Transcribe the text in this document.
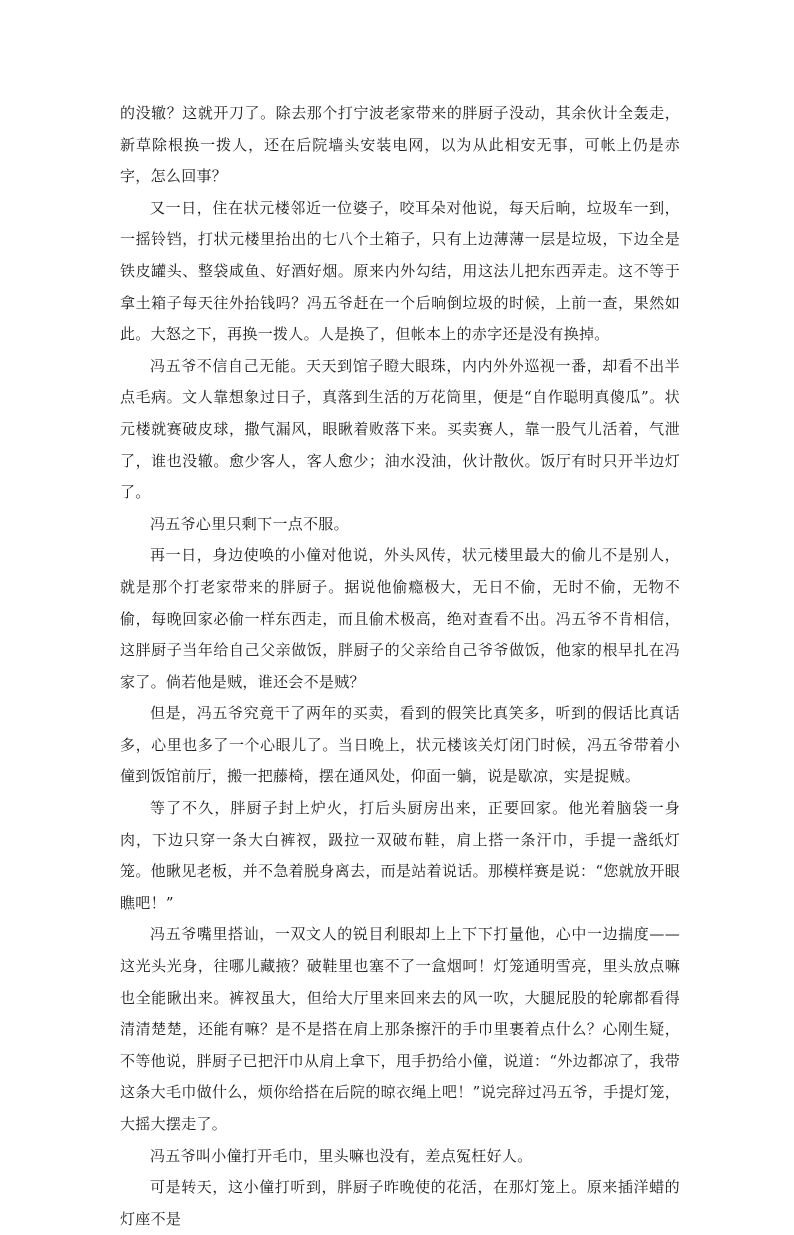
的没辙？这就开刀了。除去那个打宁波老家带来的胖厨子没动，其余伙计全轰走，新草除根换一拨人，还在后院墙头安装电网，以为从此相安无事，可帐上仍是赤字，怎么回事？

又一日，住在状元楼邻近一位婆子，咬耳朵对他说，每天后晌，垃圾车一到，一摇铃铛，打状元楼里抬出的七八个土箱子，只有上边薄薄一层是垃圾，下边全是铁皮罐头、整袋咸鱼、好酒好烟。原来内外勾结，用这法儿把东西弄走。这不等于拿土箱子每天往外抬钱吗？冯五爷赶在一个后晌倒垃圾的时候，上前一查，果然如此。大怒之下，再换一拨人。人是换了，但帐本上的赤字还是没有换掉。

冯五爷不信自己无能。天天到馆子瞪大眼珠，内内外外巡视一番，却看不出半点毛病。文人靠想象过日子，真落到生活的万花筒里，便是“自作聪明真傻瓜”。状元楼就赛破皮球，撒气漏风，眼瞅着败落下来。买卖赛人，靠一股气儿活着，气泄了，谁也没辙。愈少客人，客人愈少；油水没油，伙计散伙。饭厅有时只开半边灯了。

冯五爷心里只剩下一点不服。

再一日，身边使唤的小僮对他说，外头风传，状元楼里最大的偷儿不是别人，就是那个打老家带来的胖厨子。据说他偷瘾极大，无日不偷，无时不偷，无物不偷，每晚回家必偷一样东西走，而且偷术极高，绝对查看不出。冯五爷不肯相信，这胖厨子当年给自己父亲做饭，胖厨子的父亲给自己爷爷做饭，他家的根早扎在冯家了。倘若他是贼，谁还会不是贼？

但是，冯五爷究竟干了两年的买卖，看到的假笑比真笑多，听到的假话比真话多，心里也多了一个心眼儿了。当日晚上，状元楼该关灯闭门时候，冯五爷带着小僮到饭馆前厅，搬一把藤椅，摆在通风处，仰面一躺，说是歇凉，实是捉贼。

等了不久，胖厨子封上炉火，打后头厨房出来，正要回家。他光着脑袋一身肉，下边只穿一条大白裤衩，趿拉一双破布鞋，肩上搭一条汗巾，手提一盏纸灯笼。他瞅见老板，并不急着脱身离去，而是站着说话。那模样赛是说：“您就放开眼瞧吧！”

冯五爷嘴里搭讪，一双文人的锐目利眼却上上下下打量他，心中一边揣度——这光头光身，往哪儿藏掖？破鞋里也塞不了一盒烟呵！灯笼通明雪亮，里头放点嘛也全能瞅出来。裤衩虽大，但给大厅里来回来去的风一吹，大腿屁股的轮廓都看得清清楚楚，还能有嘛？是不是搭在肩上那条擦汗的手巾里裹着点什么？心刚生疑，不等他说，胖厨子已把汗巾从肩上拿下，甩手扔给小僮，说道：“外边都凉了，我带这条大毛巾做什么，烦你给搭在后院的晾衣绳上吧！”说完辞过冯五爷，手提灯笼，大摇大摆走了。

冯五爷叫小僮打开毛巾，里头嘛也没有，差点冤枉好人。

可是转天，这小僮打听到，胖厨子昨晚使的花活，在那灯笼上。原来插洋蜡的灯座不是
